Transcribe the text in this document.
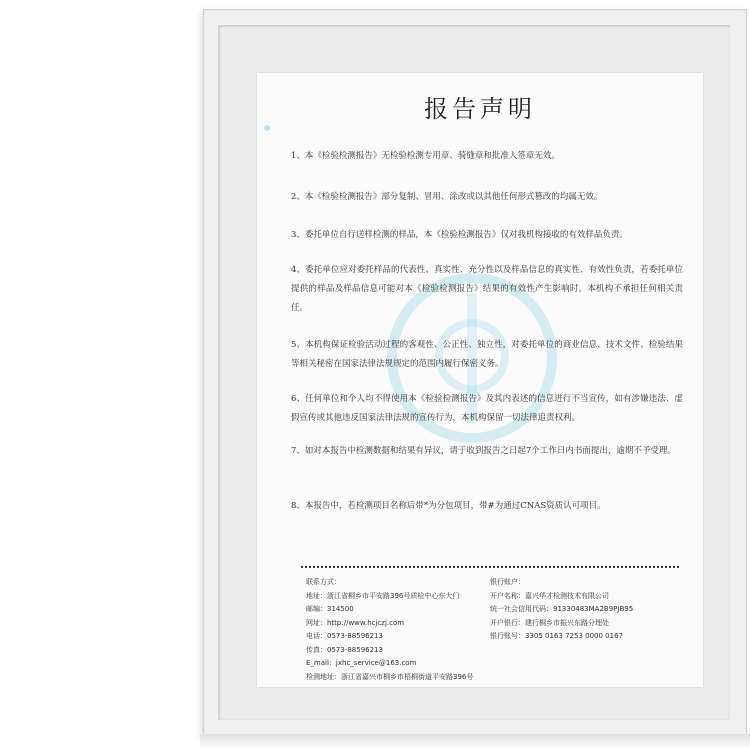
报告声明
1、本《检验检测报告》无检验检测专用章、骑缝章和批准人签章无效。
2、本《检验检测报告》部分复制、冒用、涂改或以其他任何形式篡改的均属无效。
3、委托单位自行送样检测的样品，本《检验检测报告》仅对我机构接收的有效样品负责。
4、委托单位应对委托样品的代表性、真实性、充分性以及样品信息的真实性、有效性负责，若委托单位提供的样品及样品信息可能对本《检验检测报告》结果的有效性产生影响时，本机构不承担任何相关责任。
5、本机构保证检验活动过程的客观性、公正性、独立性，对委托单位的商业信息、技术文件、检验结果等相关秘密在国家法律法规规定的范围内履行保密义务。
6、任何单位和个人均不得使用本《检验检测报告》及其内表述的信息进行不当宣传，如有涉嫌违法、虚假宣传或其他违反国家法律法规的宣传行为，本机构保留一切法律追责权利。
7、如对本报告中检测数据和结果有异议，请于收到报告之日起7个工作日内书面提出，逾期不予受理。
8、本报告中，若检测项目名称后带*为分包项目，带#为通过CNAS资质认可项目。
联系方式：
地址：浙江省桐乡市平安路396号质检中心东大门
邮编：314500
网址：http://www.hcjczj.com
电话：0573-88596213
传真：0573-88596213
E_mail：jxhc_service@163.com
检测地址：浙江省嘉兴市桐乡市梧桐街道平安路396号
银行账户：
开户名称：嘉兴华才检测技术有限公司
统一社会信用代码：91330483MA2B9PJB95
开户银行：建行桐乡市振兴东路分理处
银行账号：3305 0163 7253 0000 0167
